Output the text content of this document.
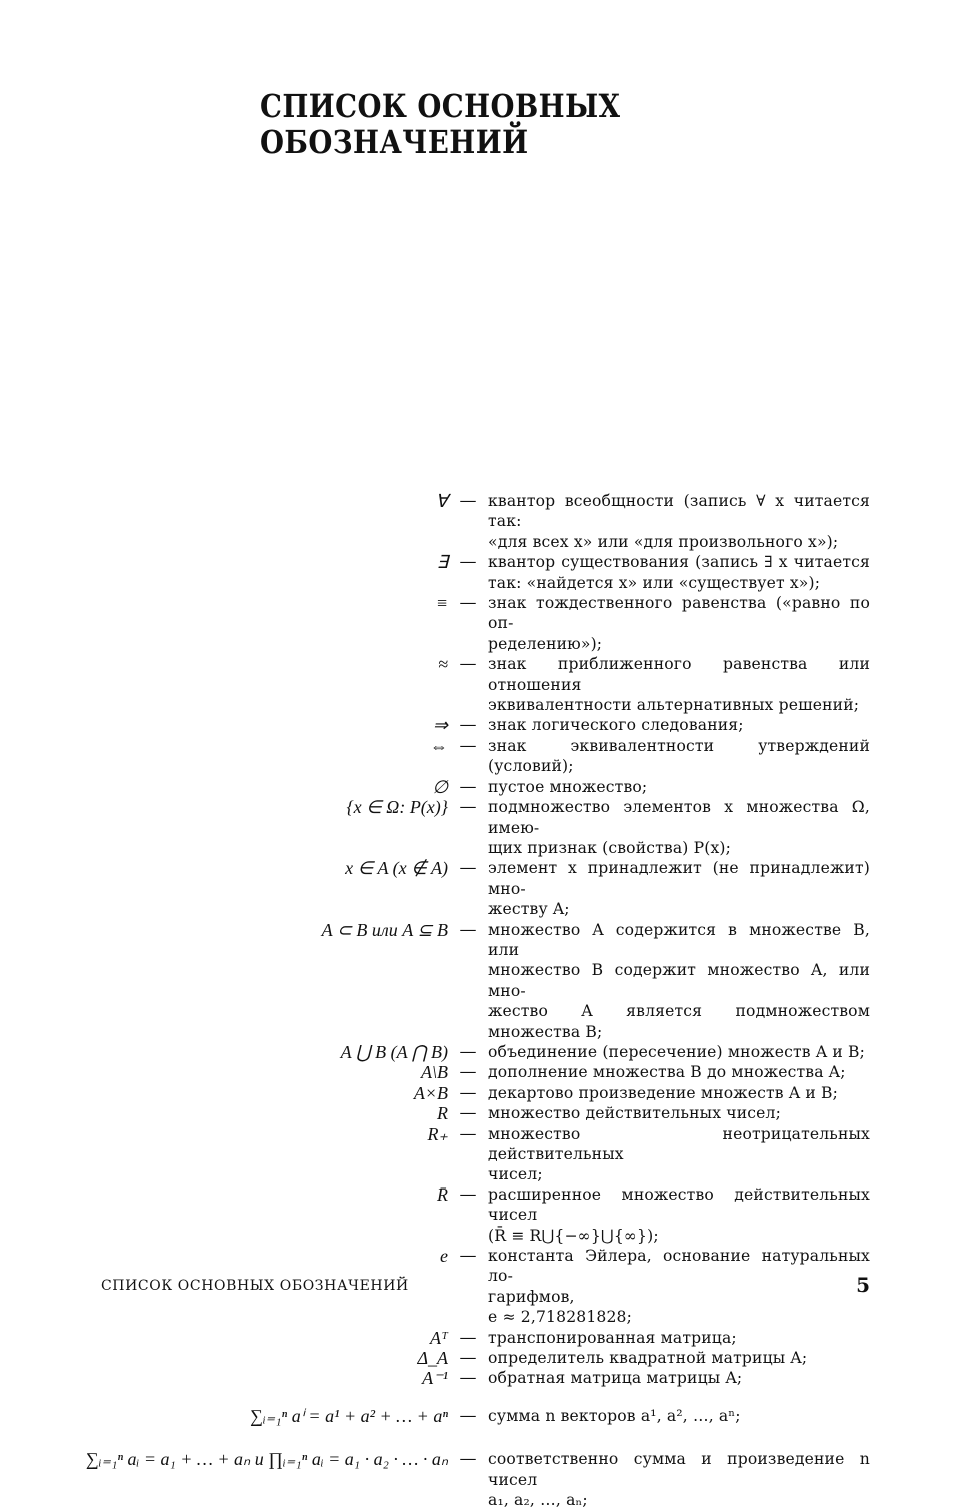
СПИСОК ОСНОВНЫХ
ОБОЗНАЧЕНИЙ
∀ — квантор всеобщности (запись ∀ x читается так:
«для всех x» или «для произвольного x»);
∃ — квантор существования (запись ∃ x читается
так: «найдется x» или «существует x»);
≡ — знак тождественного равенства («равно по оп-
ределению»);
≈ — знак приближенного равенства или отношения
эквивалентности альтернативных решений;
⇒ — знак логического следования;
⇔ — знак эквивалентности утверждений (условий);
∅ — пустое множество;
{x ∈ Ω: P(x)} — подмножество элементов x множества Ω, имею-
щих признак (свойства) P(x);
x ∈ A (x ∉ A) — элемент x принадлежит (не принадлежит) мно-
жеству A;
A ⊂ B или A ⊆ B — множество A содержится в множестве B, или
множество B содержит множество A, или мно-
жество A является подмножеством множества B;
A ⋃ B (A ⋂ B) — объединение (пересечение) множеств A и B;
A\B — дополнение множества B до множества A;
A×B — декартово произведение множеств A и B;
R — множество действительных чисел;
R₊ — множество неотрицательных действительных
чисел;
R̄ — расширенное множество действительных чисел
(R̄ ≡ R⋃{−∞}⋃{∞});
e — константа Эйлера, основание натуральных ло-
гарифмов,
e ≈ 2,718281828;
Aᵀ — транспонированная матрица;
Δ_A — определитель квадратной матрицы A;
A⁻¹ — обратная матрица матрицы A;
∑ᵢ₌₁ⁿ aⁱ = a¹ + a² + … + aⁿ — сумма n векторов a¹, a², …, aⁿ;
∑ᵢ₌₁ⁿ aᵢ = a₁ + … + aₙ и ∏ᵢ₌₁ⁿ aᵢ = a₁ · a₂ · … · aₙ — соответственно сумма и произведение n чисел
a₁, a₂, …, aₙ;
СПИСОК ОСНОВНЫХ ОБОЗНАЧЕНИЙ	5
